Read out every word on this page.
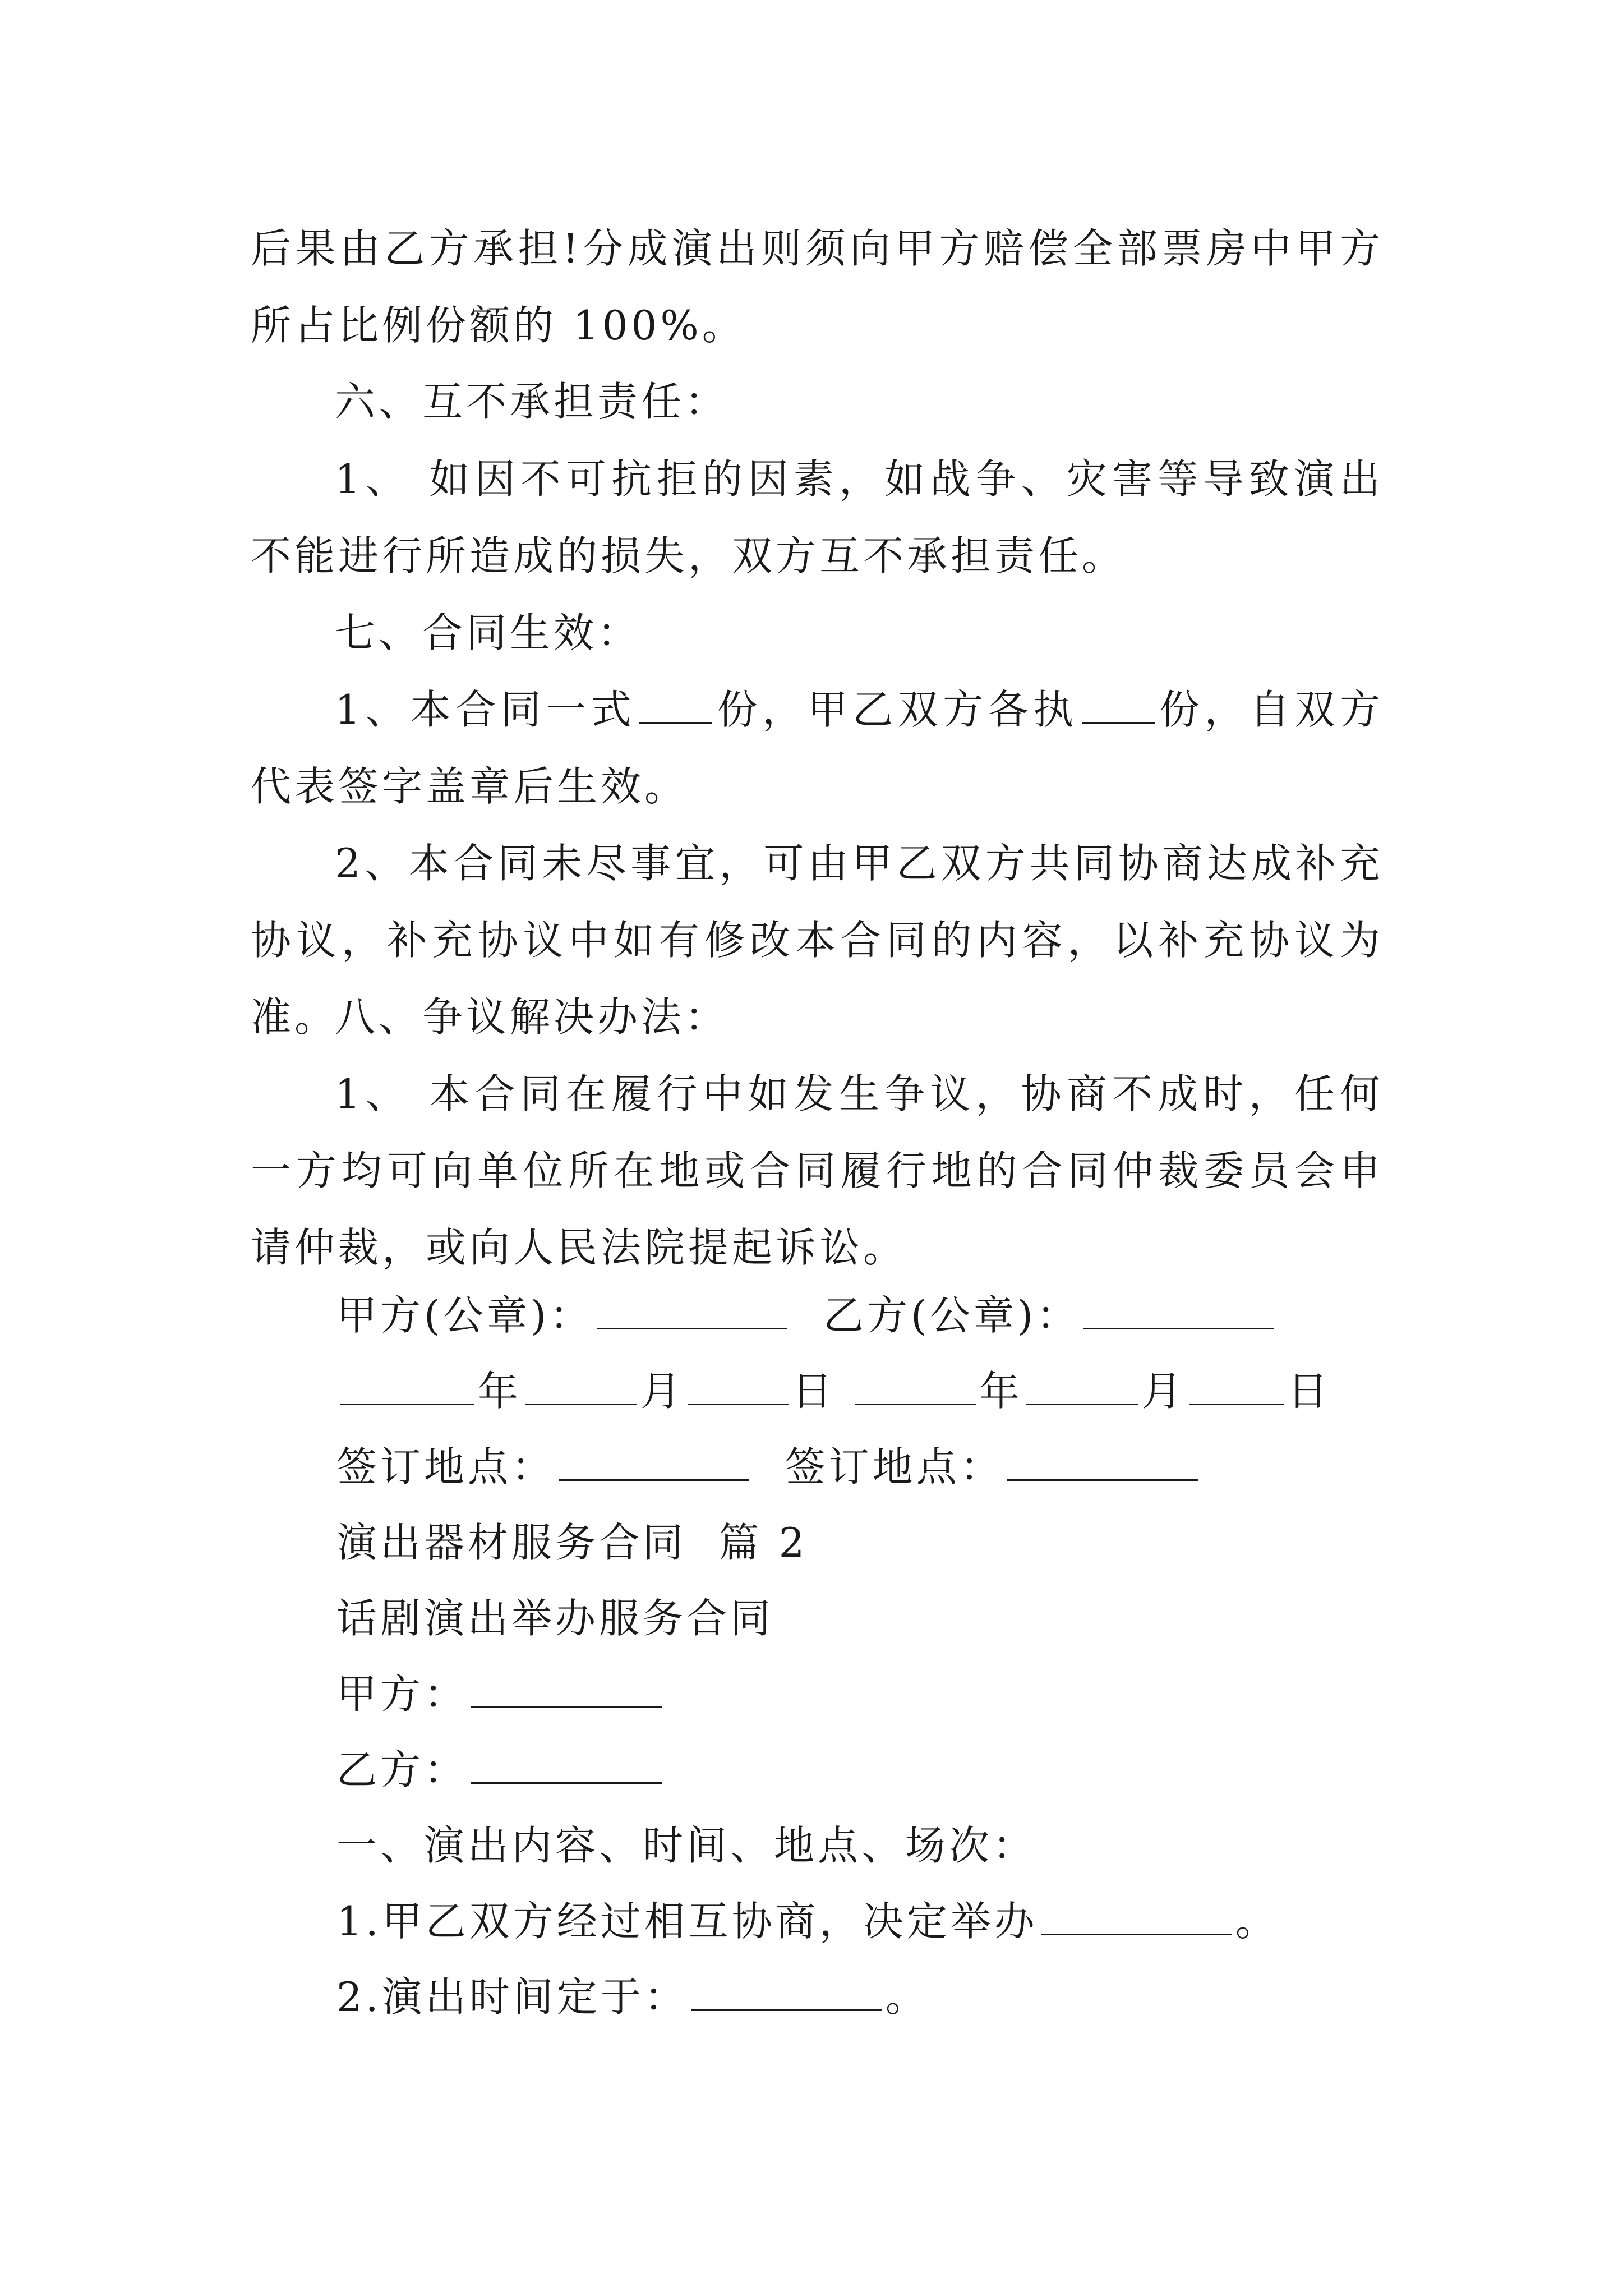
后果由乙方承担!分成演出则须向甲方赔偿全部票房中甲方所占比例份额的 100%。

六、互不承担责任：

1、 如因不可抗拒的因素，如战争、灾害等导致演出不能进行所造成的损失，双方互不承担责任。

七、合同生效：

1、本合同一式 份，甲乙双方各执 份，自双方代表签字盖章后生效。

2、本合同未尽事宜，可由甲乙双方共同协商达成补充协议，补充协议中如有修改本合同的内容，以补充协议为准。

八、争议解决办法：

1、 本合同在履行中如发生争议，协商不成时，任何一方均可向单位所在地或合同履行地的合同仲裁委员会申请仲裁，或向人民法院提起诉讼。

甲方(公章)：	乙方(公章)：
年	月	日	年	月	日
签订地点：	签订地点：
演出器材服务合同  篇 2
话剧演出举办服务合同
甲方：
乙方：
一、演出内容、时间、地点、场次：
1.甲乙双方经过相互协商，决定举办	。
2.演出时间定于：	。
